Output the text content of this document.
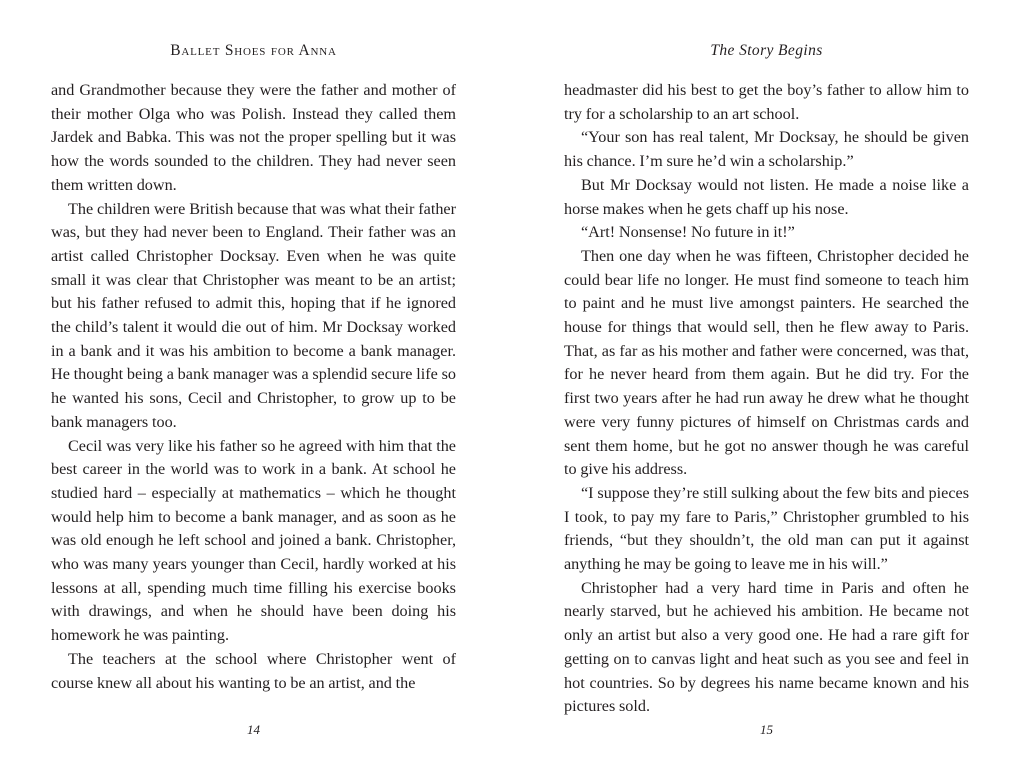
Ballet Shoes for Anna

and Grandmother because they were the father and mother of their mother Olga who was Polish. Instead they called them Jardek and Babka. This was not the proper spelling but it was how the words sounded to the children. They had never seen them written down.

The children were British because that was what their father was, but they had never been to England. Their father was an artist called Christopher Docksay. Even when he was quite small it was clear that Christopher was meant to be an artist; but his father refused to admit this, hoping that if he ignored the child’s talent it would die out of him. Mr Docksay worked in a bank and it was his ambition to become a bank manager. He thought being a bank manager was a splendid secure life so he wanted his sons, Cecil and Christopher, to grow up to be bank managers too.

Cecil was very like his father so he agreed with him that the best career in the world was to work in a bank. At school he studied hard – especially at mathematics – which he thought would help him to become a bank manager, and as soon as he was old enough he left school and joined a bank. Christopher, who was many years younger than Cecil, hardly worked at his lessons at all, spending much time filling his exercise books with drawings, and when he should have been doing his homework he was painting.

The teachers at the school where Christopher went of course knew all about his wanting to be an artist, and the

14
The Story Begins

headmaster did his best to get the boy’s father to allow him to try for a scholarship to an art school.

“Your son has real talent, Mr Docksay, he should be given his chance. I’m sure he’d win a scholarship.”

But Mr Docksay would not listen. He made a noise like a horse makes when he gets chaff up his nose.

“Art! Nonsense! No future in it!”

Then one day when he was fifteen, Christopher decided he could bear life no longer. He must find someone to teach him to paint and he must live amongst painters. He searched the house for things that would sell, then he flew away to Paris. That, as far as his mother and father were concerned, was that, for he never heard from them again. But he did try. For the first two years after he had run away he drew what he thought were very funny pictures of himself on Christmas cards and sent them home, but he got no answer though he was careful to give his address.

“I suppose they’re still sulking about the few bits and pieces I took, to pay my fare to Paris,” Christopher grumbled to his friends, “but they shouldn’t, the old man can put it against anything he may be going to leave me in his will.”

Christopher had a very hard time in Paris and often he nearly starved, but he achieved his ambition. He became not only an artist but also a very good one. He had a rare gift for getting on to canvas light and heat such as you see and feel in hot countries. So by degrees his name became known and his pictures sold.

15
